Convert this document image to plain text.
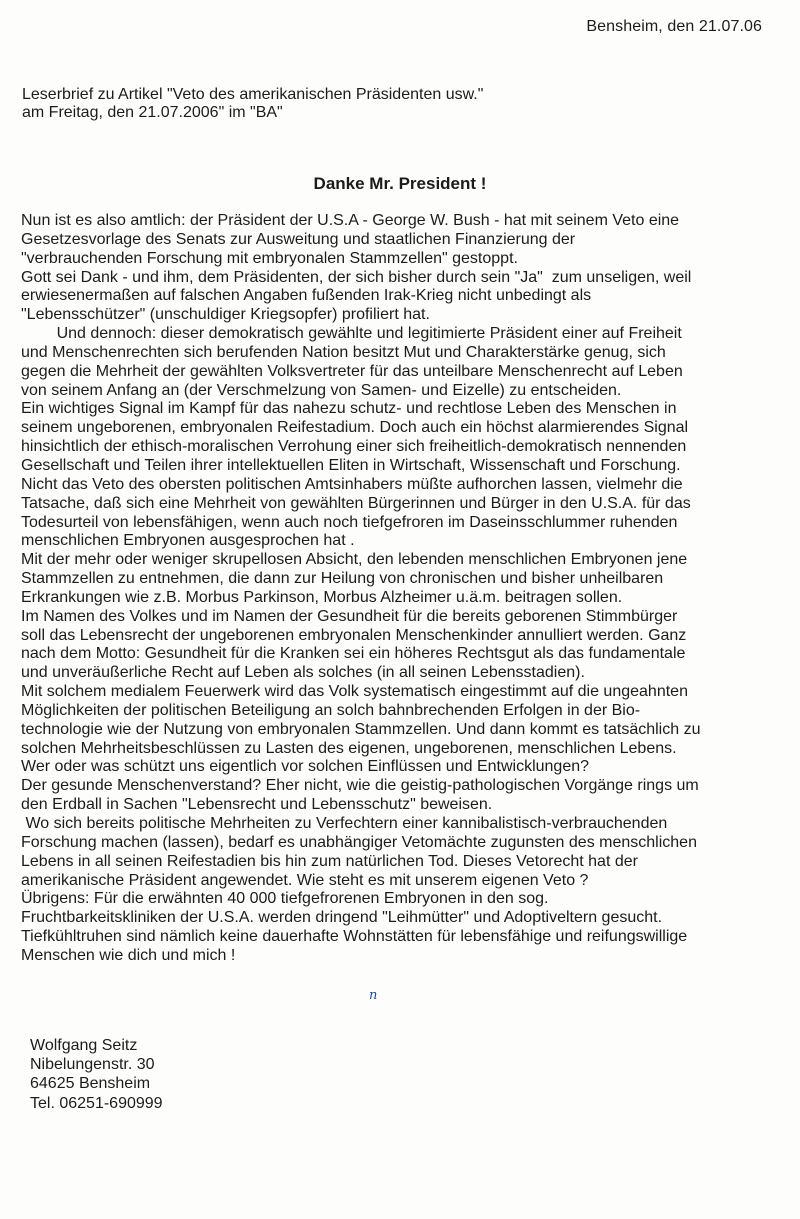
Bensheim, den 21.07.06
Leserbrief zu Artikel "Veto des amerikanischen Präsidenten usw."
am Freitag, den 21.07.2006" im "BA"
Danke Mr. President !
Nun ist es also amtlich: der Präsident der U.S.A - George W. Bush - hat mit seinem Veto eine
Gesetzesvorlage des Senats zur Ausweitung und staatlichen Finanzierung der
"verbrauchenden Forschung mit embryonalen Stammzellen" gestoppt.
Gott sei Dank - und ihm, dem Präsidenten, der sich bisher durch sein "Ja"  zum unseligen, weil
erwiesenermaßen auf falschen Angaben fußenden Irak-Krieg nicht unbedingt als
"Lebensschützer" (unschuldiger Kriegsopfer) profiliert hat.
Und dennoch: dieser demokratisch gewählte und legitimierte Präsident einer auf Freiheit
und Menschenrechten sich berufenden Nation besitzt Mut und Charakterstärke genug, sich
gegen die Mehrheit der gewählten Volksvertreter für das unteilbare Menschenrecht auf Leben
von seinem Anfang an (der Verschmelzung von Samen- und Eizelle) zu entscheiden.
Ein wichtiges Signal im Kampf für das nahezu schutz- und rechtlose Leben des Menschen in
seinem ungeborenen, embryonalen Reifestadium. Doch auch ein höchst alarmierendes Signal
hinsichtlich der ethisch-moralischen Verrohung einer sich freiheitlich-demokratisch nennenden
Gesellschaft und Teilen ihrer intellektuellen Eliten in Wirtschaft, Wissenschaft und Forschung.
Nicht das Veto des obersten politischen Amtsinhabers müßte aufhorchen lassen, vielmehr die
Tatsache, daß sich eine Mehrheit von gewählten Bürgerinnen und Bürger in den U.S.A. für das
Todesurteil von lebensfähigen, wenn auch noch tiefgefroren im Daseinsschlummer ruhenden
menschlichen Embryonen ausgesprochen hat .
Mit der mehr oder weniger skrupellosen Absicht, den lebenden menschlichen Embryonen jene
Stammzellen zu entnehmen, die dann zur Heilung von chronischen und bisher unheilbaren
Erkrankungen wie z.B. Morbus Parkinson, Morbus Alzheimer u.ä.m. beitragen sollen.
Im Namen des Volkes und im Namen der Gesundheit für die bereits geborenen Stimmbürger
soll das Lebensrecht der ungeborenen embryonalen Menschenkinder annulliert werden. Ganz
nach dem Motto: Gesundheit für die Kranken sei ein höheres Rechtsgut als das fundamentale
und unveräußerliche Recht auf Leben als solches (in all seinen Lebensstadien).
Mit solchem medialem Feuerwerk wird das Volk systematisch eingestimmt auf die ungeahnten
Möglichkeiten der politischen Beteiligung an solch bahnbrechenden Erfolgen in der Bio-
technologie wie der Nutzung von embryonalen Stammzellen. Und dann kommt es tatsächlich zu
solchen Mehrheitsbeschlüssen zu Lasten des eigenen, ungeborenen, menschlichen Lebens.
Wer oder was schützt uns eigentlich vor solchen Einflüssen und Entwicklungen?
Der gesunde Menschenverstand? Eher nicht, wie die geistig-pathologischen Vorgänge rings um
den Erdball in Sachen "Lebensrecht und Lebensschutz" beweisen.
Wo sich bereits politische Mehrheiten zu Verfechtern einer kannibalistisch-verbrauchenden
Forschung machen (lassen), bedarf es unabhängiger Vetomächte zugunsten des menschlichen
Lebens in all seinen Reifestadien bis hin zum natürlichen Tod. Dieses Vetorecht hat der
amerikanische Präsident angewendet. Wie steht es mit unserem eigenen Veto ?
Übrigens: Für die erwähnten 40 000 tiefgefrorenen Embryonen in den sog.
Fruchtbarkeitskliniken der U.S.A. werden dringend "Leihmütter" und Adoptiveltern gesucht.
Tiefkühltruhen sind nämlich keine dauerhafte Wohnstätten für lebensfähige und reifungswillige
Menschen wie dich und mich !
n
Wolfgang Seitz
Nibelungenstr. 30
64625 Bensheim
Tel. 06251-690999
